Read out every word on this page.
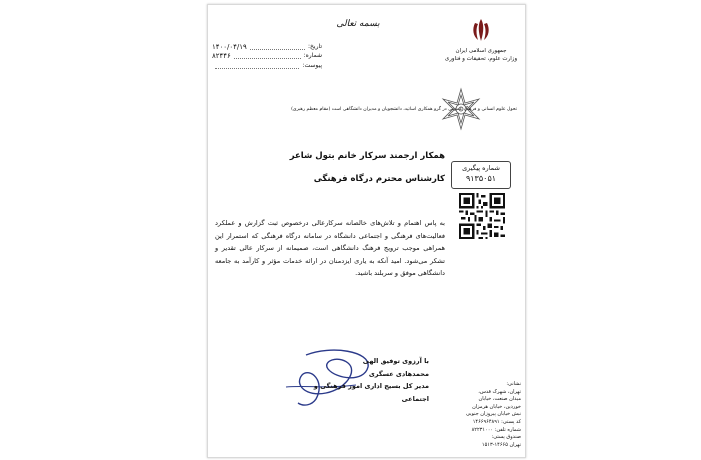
بسمه تعالی
تاریخ:
۱۴۰۰/۰۴/۱۹
شماره:
۸۲۴۴۶
پیوست:
جمهوری اسلامی ایران
وزارت علوم، تحقیقات و فناوری
تحول علوم انسانی و فرهنگ عمومی در گرو همکاری اساتید، دانشجویان و مدیران دانشگاهی است (مقام معظم رهبری)
همکار ارجمند سرکار خانم بتول شاعر
کارشناس محترم درگاه فرهنگی
شماره پیگیری
۹۱۳۵۰۵۱
به پاس اهتمام و تلاش‌های خالصانه سرکارعالی درخصوص ثبت گزارش و عملکرد فعالیت‌های فرهنگی و اجتماعی دانشگاه در سامانه درگاه فرهنگی که استمرار این همراهی موجب ترویج فرهنگ دانشگاهی است، صمیمانه از سرکار عالی تقدیر و تشکر می‌شود. امید آنکه به یاری ایزدمنان در ارائه خدمات مؤثر و کارآمد به جامعه دانشگاهی موفق و سربلند باشید.
با آرزوی توفیق الهی
محمدهادی عسگری
مدیر کل بسیج اداری امور فرهنگی و اجتماعی
نشانی:
تهران، شهرک قدس،
میدان صنعت، خیابان
خوردین، خیابان هرمزان
نبش خیابان پیروزان جنوبی
کد پستی: ۱۴۶۶۹۶۴۸۹۱
شماره تلفن: ۸۲۲۳۱۰۰۰
صندوق پستی:
تهران ۱۴۶۶۵-۱۵۱۳
